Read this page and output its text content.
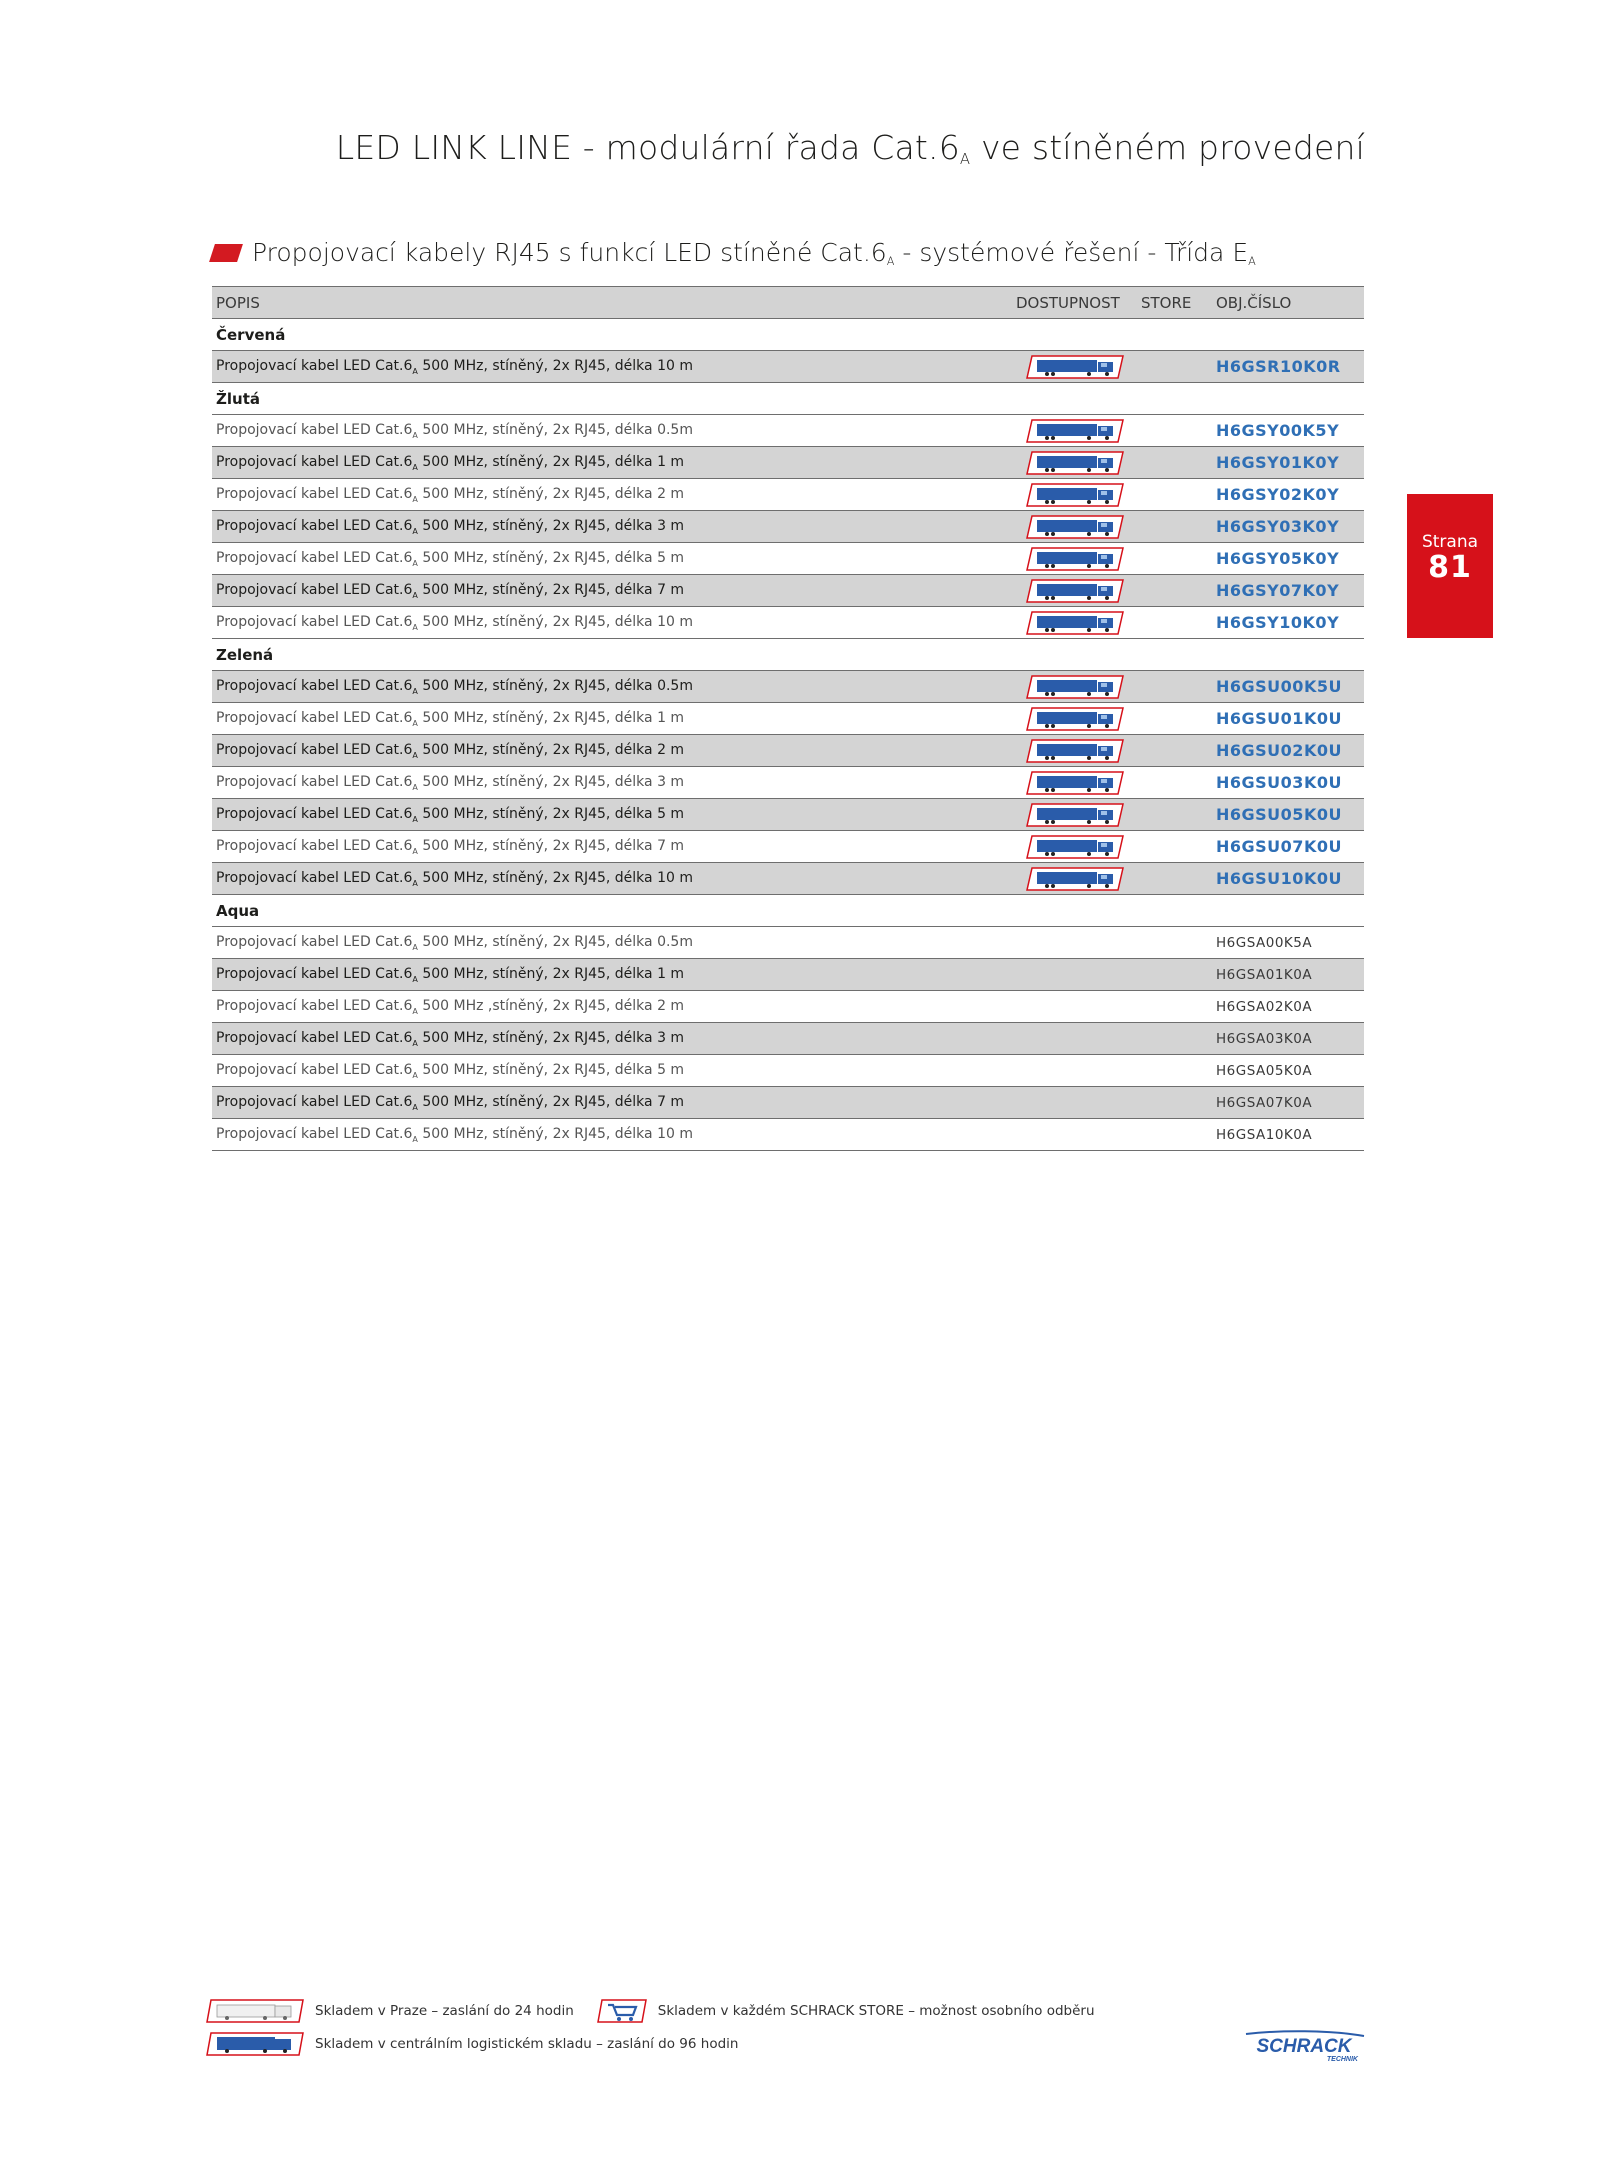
LED LINK LINE - modulární řada $Cat.6_A$ ve stíněném provedení
Propojovací kabely RJ45 s funkcí LED stíněné $Cat.6_A$ - systémové řešení - Třída $E_A$
Strana
81
POPIS	DOSTUPNOST	STORE	OBJ.ČÍSLO
Červená			
Propojovací kabel LED $Cat.6_A$ 500 MHz, stíněný, 2x RJ45, délka 10 m			H6GSR10K0R
Žlutá			
Propojovací kabel LED $Cat.6_A$ 500 MHz, stíněný, 2x RJ45, délka 0.5m			H6GSY00K5Y
Propojovací kabel LED $Cat.6_A$ 500 MHz, stíněný, 2x RJ45, délka 1 m			H6GSY01K0Y
Propojovací kabel LED $Cat.6_A$ 500 MHz, stíněný, 2x RJ45, délka 2 m			H6GSY02K0Y
Propojovací kabel LED $Cat.6_A$ 500 MHz, stíněný, 2x RJ45, délka 3 m			H6GSY03K0Y
Propojovací kabel LED $Cat.6_A$ 500 MHz, stíněný, 2x RJ45, délka 5 m			H6GSY05K0Y
Propojovací kabel LED $Cat.6_A$ 500 MHz, stíněný, 2x RJ45, délka 7 m			H6GSY07K0Y
Propojovací kabel LED $Cat.6_A$ 500 MHz, stíněný, 2x RJ45, délka 10 m			H6GSY10K0Y
Zelená			
Propojovací kabel LED $Cat.6_A$ 500 MHz, stíněný, 2x RJ45, délka 0.5m			H6GSU00K5U
Propojovací kabel LED $Cat.6_A$ 500 MHz, stíněný, 2x RJ45, délka 1 m			H6GSU01K0U
Propojovací kabel LED $Cat.6_A$ 500 MHz, stíněný, 2x RJ45, délka 2 m			H6GSU02K0U
Propojovací kabel LED $Cat.6_A$ 500 MHz, stíněný, 2x RJ45, délka 3 m			H6GSU03K0U
Propojovací kabel LED $Cat.6_A$ 500 MHz, stíněný, 2x RJ45, délka 5 m			H6GSU05K0U
Propojovací kabel LED $Cat.6_A$ 500 MHz, stíněný, 2x RJ45, délka 7 m			H6GSU07K0U
Propojovací kabel LED $Cat.6_A$ 500 MHz, stíněný, 2x RJ45, délka 10 m			H6GSU10K0U
Aqua			
Propojovací kabel LED $Cat.6_A$ 500 MHz, stíněný, 2x RJ45, délka 0.5m			H6GSA00K5A
Propojovací kabel LED $Cat.6_A$ 500 MHz, stíněný, 2x RJ45, délka 1 m			H6GSA01K0A
Propojovací kabel LED $Cat.6_A$ 500 MHz ,stíněný, 2x RJ45, délka 2 m			H6GSA02K0A
Propojovací kabel LED $Cat.6_A$ 500 MHz, stíněný, 2x RJ45, délka 3 m			H6GSA03K0A
Propojovací kabel LED $Cat.6_A$ 500 MHz, stíněný, 2x RJ45, délka 5 m			H6GSA05K0A
Propojovací kabel LED $Cat.6_A$ 500 MHz, stíněný, 2x RJ45, délka 7 m			H6GSA07K0A
Propojovací kabel LED $Cat.6_A$ 500 MHz, stíněný, 2x RJ45, délka 10 m			H6GSA10K0A
Skladem v Praze – zaslání do 24 hodin	Skladem v každém SCHRACK STORE – možnost osobního odběru
Skladem v centrálním logistickém skladu – zaslání do 96 hodin	SCHRACK
TECHNIK
